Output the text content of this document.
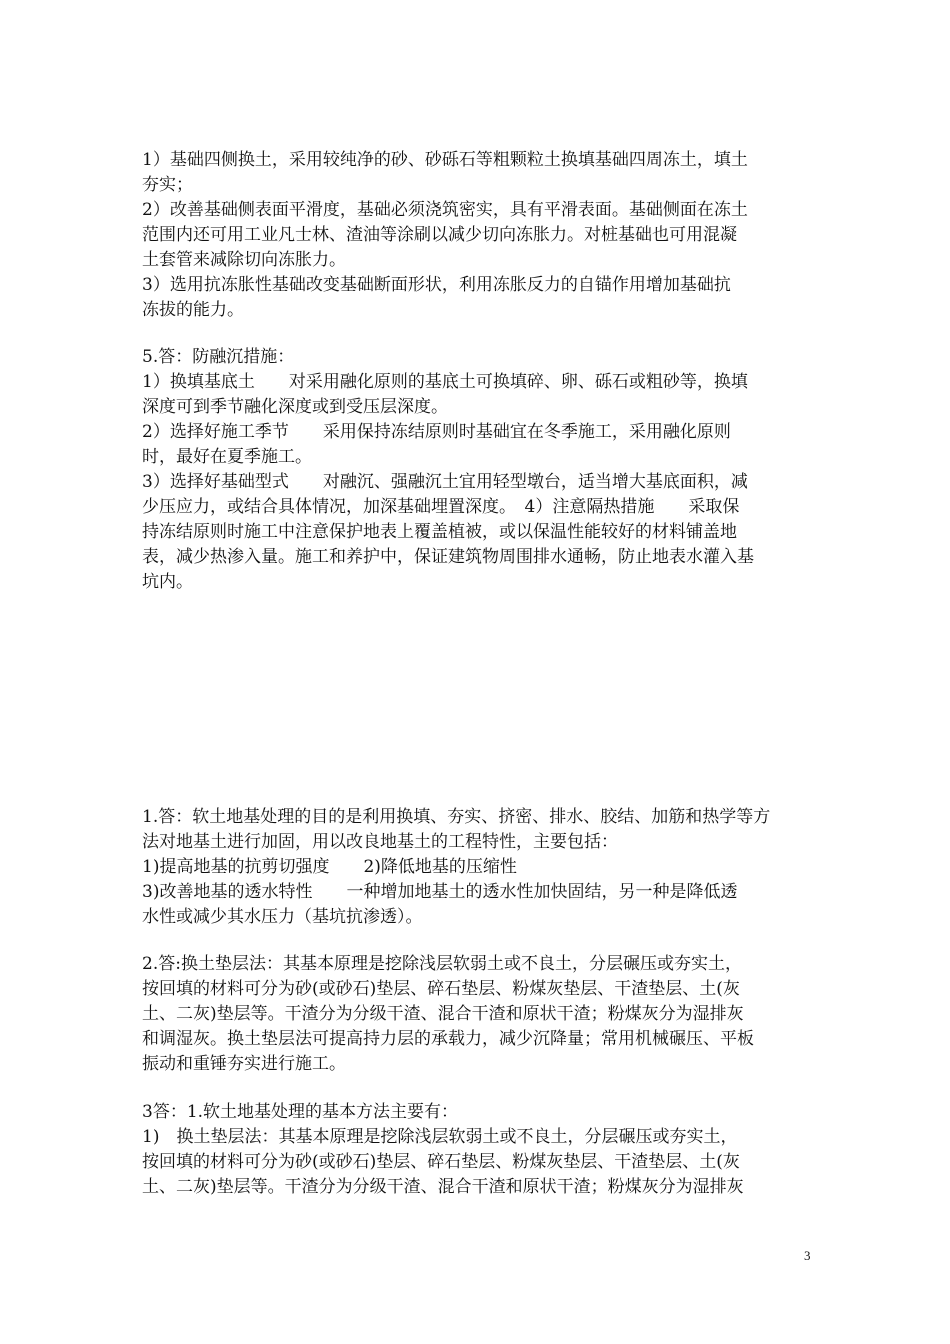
1）基础四侧换土，采用较纯净的砂、砂砾石等粗颗粒土换填基础四周冻土，填土
夯实；
2）改善基础侧表面平滑度，基础必须浇筑密实，具有平滑表面。基础侧面在冻土
范围内还可用工业凡士林、渣油等涂刷以减少切向冻胀力。对桩基础也可用混凝
土套管来减除切向冻胀力。
3）选用抗冻胀性基础改变基础断面形状，利用冻胀反力的自锚作用增加基础抗
冻拔的能力。
5.答：防融沉措施：
1）换填基底土　　对采用融化原则的基底土可换填碎、卵、砾石或粗砂等，换填
深度可到季节融化深度或到受压层深度。
2）选择好施工季节　　采用保持冻结原则时基础宜在冬季施工，采用融化原则
时，最好在夏季施工。
3）选择好基础型式　　对融沉、强融沉土宜用轻型墩台，适当增大基底面积，减
少压应力，或结合具体情况，加深基础埋置深度。　4）注意隔热措施　　采取保
持冻结原则时施工中注意保护地表上覆盖植被，或以保温性能较好的材料铺盖地
表，减少热渗入量。施工和养护中，保证建筑物周围排水通畅，防止地表水灌入基
坑内。
1.答：软土地基处理的目的是利用换填、夯实、挤密、排水、胶结、加筋和热学等方
法对地基土进行加固，用以改良地基土的工程特性，主要包括：
1)提高地基的抗剪切强度　　2)降低地基的压缩性
3)改善地基的透水特性　　一种增加地基土的透水性加快固结，另一种是降低透
水性或减少其水压力（基坑抗渗透）。
2.答:换土垫层法：其基本原理是挖除浅层软弱土或不良土，分层碾压或夯实土，
按回填的材料可分为砂(或砂石)垫层、碎石垫层、粉煤灰垫层、干渣垫层、土(灰
土、二灰)垫层等。干渣分为分级干渣、混合干渣和原状干渣；粉煤灰分为湿排灰
和调湿灰。换土垫层法可提高持力层的承载力，减少沉降量；常用机械碾压、平板
振动和重锤夯实进行施工。
3答：1.软土地基处理的基本方法主要有：
1)　换土垫层法：其基本原理是挖除浅层软弱土或不良土，分层碾压或夯实土，
按回填的材料可分为砂(或砂石)垫层、碎石垫层、粉煤灰垫层、干渣垫层、土(灰
土、二灰)垫层等。干渣分为分级干渣、混合干渣和原状干渣；粉煤灰分为湿排灰
3
